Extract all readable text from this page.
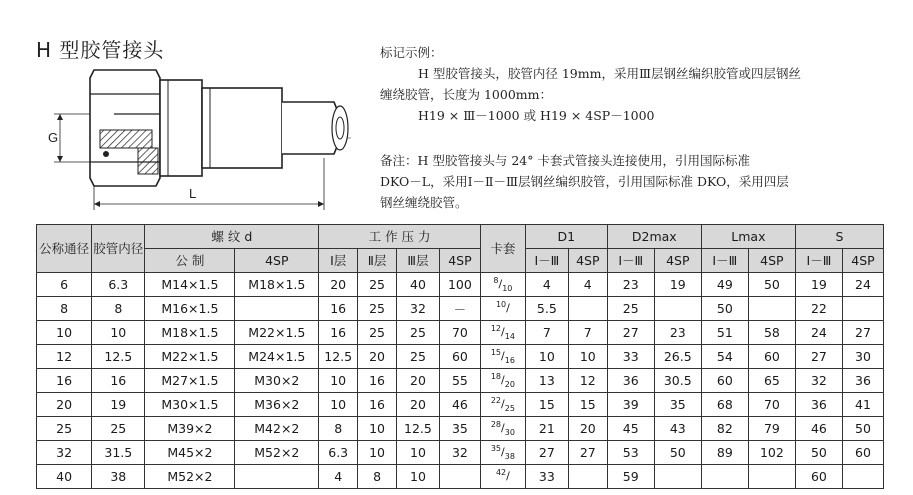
H 型胶管接头
G
L
标记示例：
H 型胶管接头，胶管内径 19mm，采用Ⅲ层钢丝编织胶管或四层钢丝
缠绕胶管，长度为 1000mm：
H19 × Ⅲ－1000 或 H19 × 4SP－1000
备注：H 型胶管接头与 24° 卡套式管接头连接使用，引用国际标准
DKO－L，采用Ⅰ－Ⅱ－Ⅲ层钢丝编织胶管，引用国际标准 DKO，采用四层
钢丝缠绕胶管。
公称通径	胶管内径	螺 纹 d		工 作 压 力				卡套	D1		D2max		Lmax		S	
		公 制	4SP	Ⅰ层	Ⅱ层	Ⅲ层	4SP		Ⅰ－Ⅲ	4SP	Ⅰ－Ⅲ	4SP	Ⅰ－Ⅲ	4SP	Ⅰ－Ⅲ	4SP
6	6.3	M14×1.5	M18×1.5	20	25	40	100	$^8/_{10}$	4	4	23	19	49	50	19	24
8	8	M16×1.5		16	25	32	－	$^{10}$/	5.5		25		50		22	
10	10	M18×1.5	M22×1.5	16	25	25	70	$^{12}/_{14}$	7	7	27	23	51	58	24	27
12	12.5	M22×1.5	M24×1.5	12.5	20	25	60	$^{15}/_{16}$	10	10	33	26.5	54	60	27	30
16	16	M27×1.5	M30×2	10	16	20	55	$^{18}/_{20}$	13	12	36	30.5	60	65	32	36
20	19	M30×1.5	M36×2	10	16	20	46	$^{22}/_{25}$	15	15	39	35	68	70	36	41
25	25	M39×2	M42×2	8	10	12.5	35	$^{28}/_{30}$	21	20	45	43	82	79	46	50
32	31.5	M45×2	M52×2	6.3	10	10	32	$^{35}/_{38}$	27	27	53	50	89	102	50	60
40	38	M52×2		4	8	10		$^{42}$/	33		59				60	
